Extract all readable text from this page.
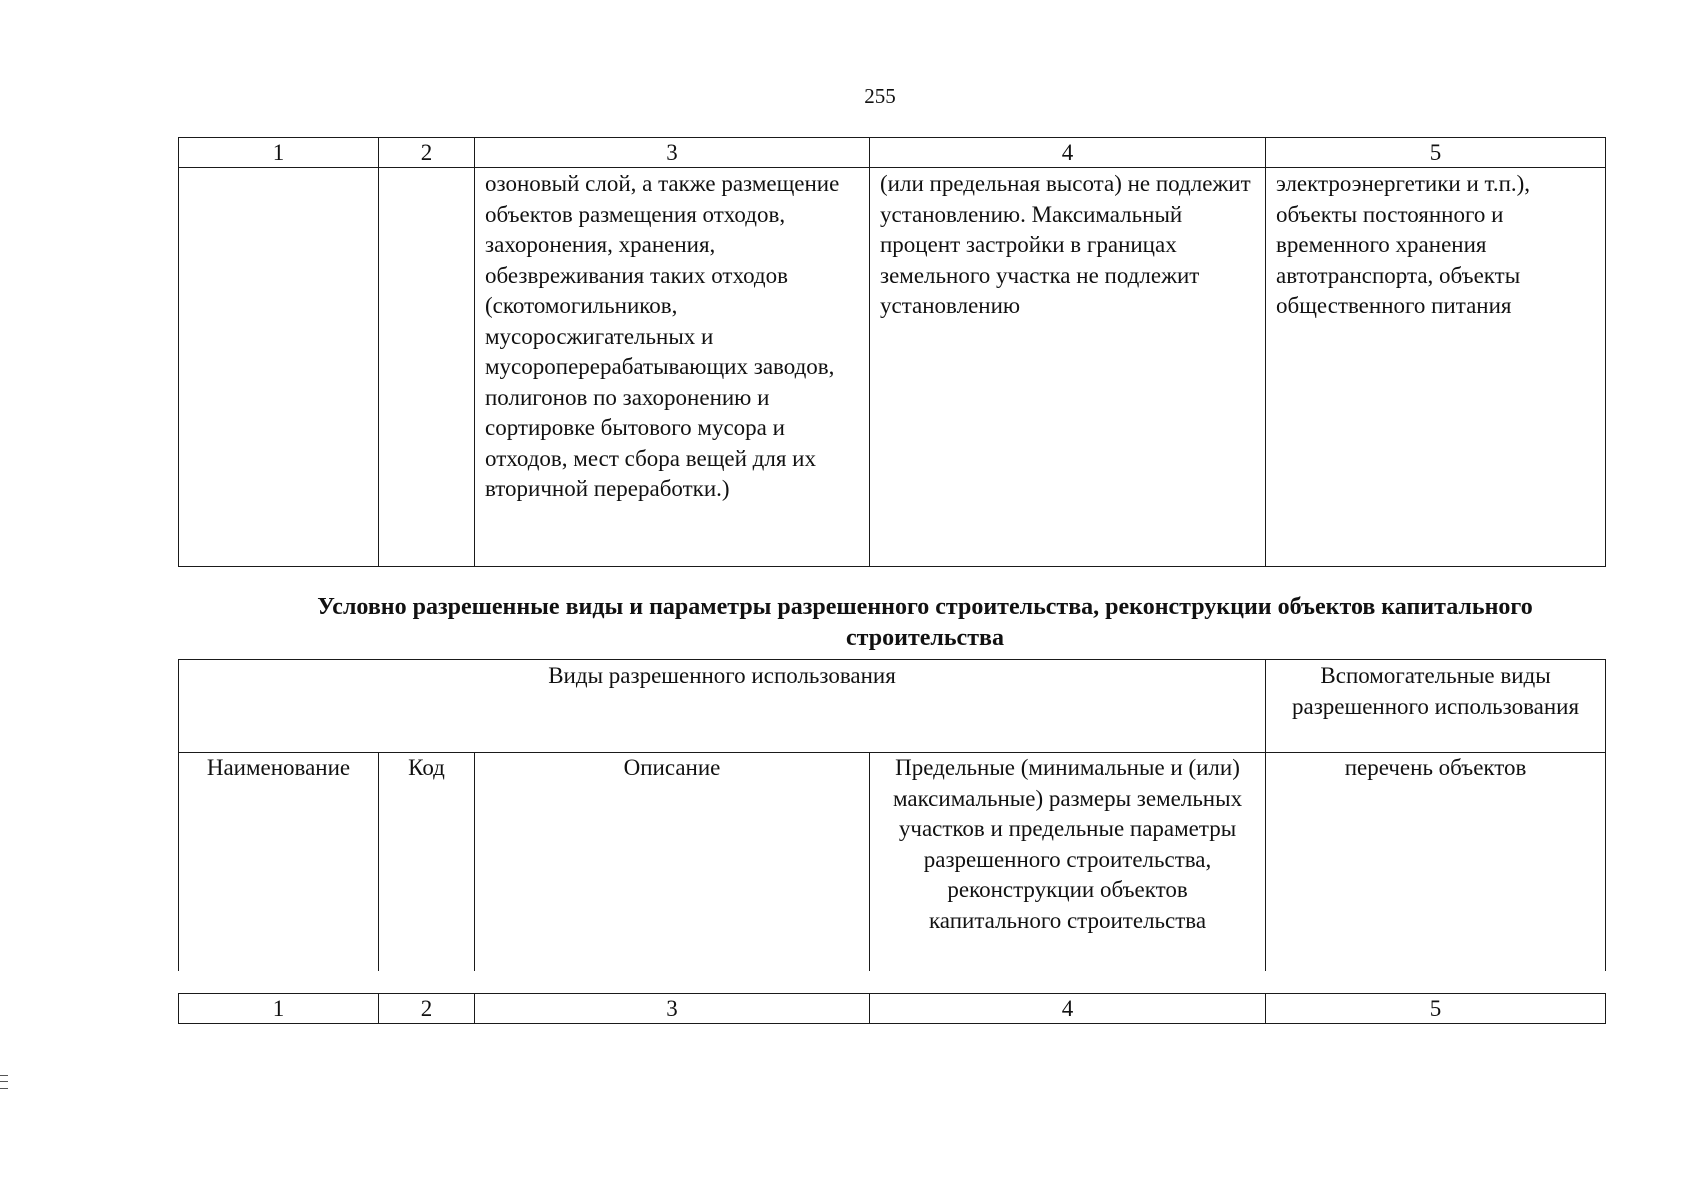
255
1	2	3	4	5

		озоновый слой, а также размещение объектов размещения отходов, захоронения, хранения, обезвреживания таких отходов (скотомогильников, мусоросжигательных и мусороперерабатывающих заводов, полигонов по захоронению и сортировке бытового мусора и отходов, мест сбора вещей для их вторичной переработки.)	(или предельная высота) не подлежит установлению. Максимальный процент застройки в границах земельного участка не подлежит установлению	электроэнергетики и т.п.), объекты постоянного и временного хранения автотранспорта, объекты общественного питания
Условно разрешенные виды и параметры разрешенного строительства, реконструкции объектов капитального строительства
Виды разрешенного использования				Вспомогательные виды разрешенного использования

Наименование	Код	Описание	Предельные (минимальные и (или) максимальные) размеры земельных участков и предельные параметры разрешенного строительства, реконструкции объектов капитального строительства	перечень объектов
1	2	3	4	5
